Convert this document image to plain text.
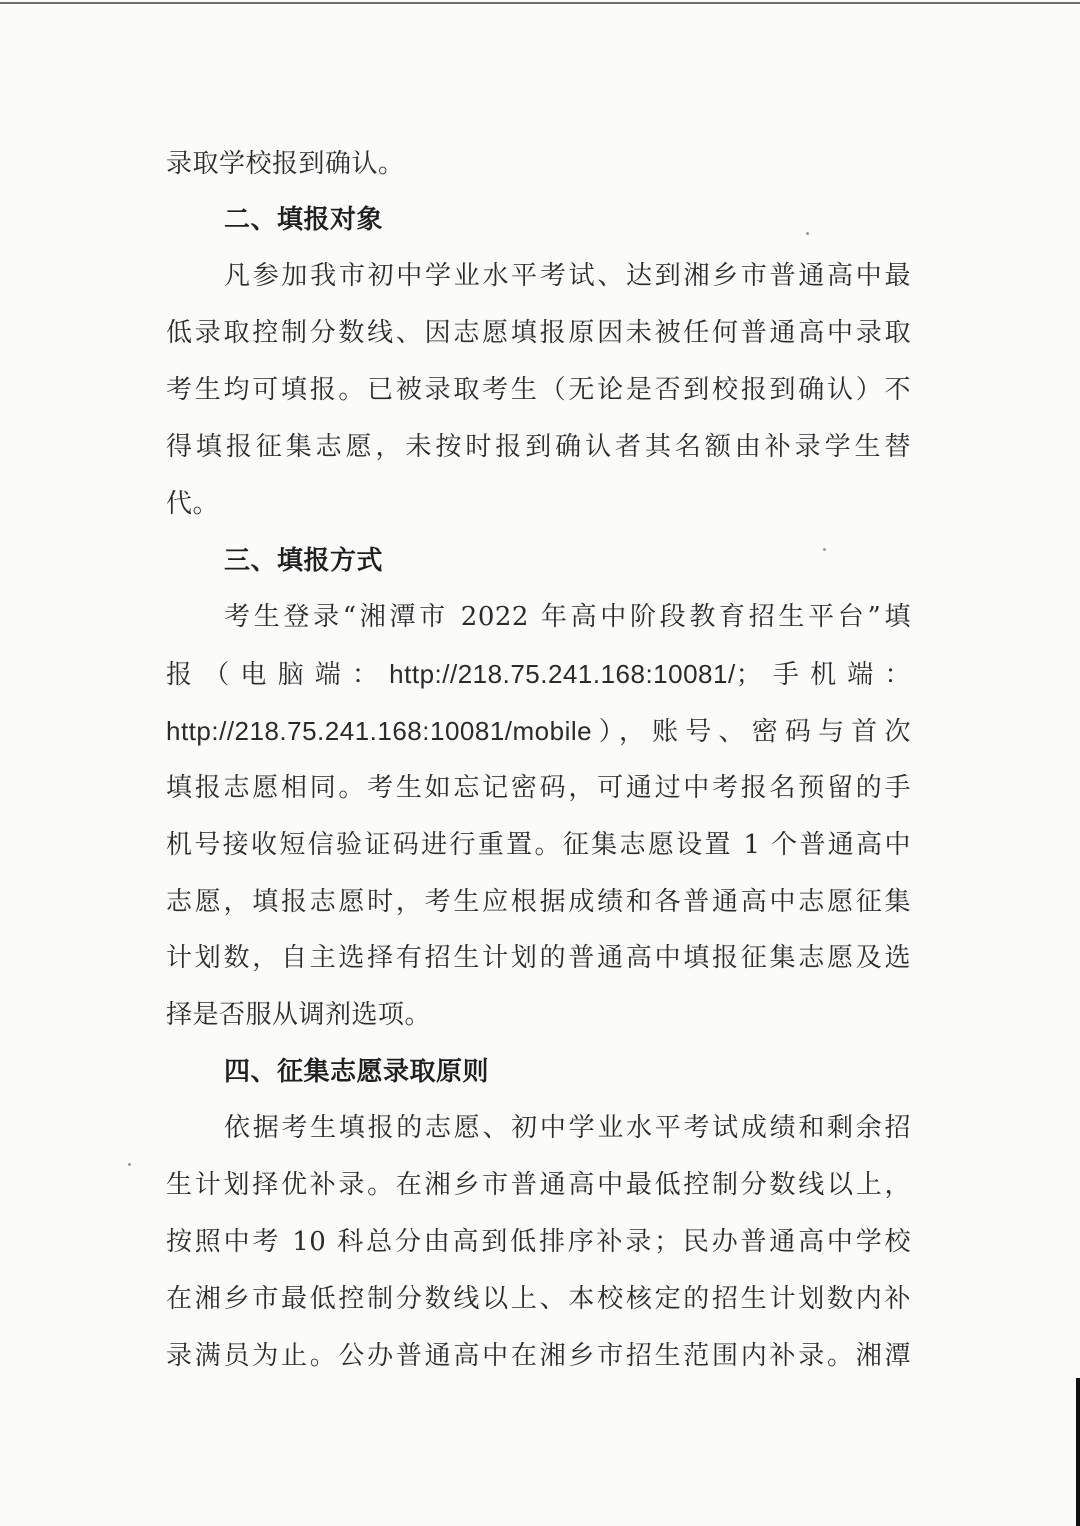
录取学校报到确认。
二、填报对象
凡参加我市初中学业水平考试、达到湘乡市普通高中最
低录取控制分数线、因志愿填报原因未被任何普通高中录取
考生均可填报。已被录取考生（无论是否到校报到确认）不
得填报征集志愿，未按时报到确认者其名额由补录学生替
代。
三、填报方式
考生登录“湘潭市 2022 年高中阶段教育招生平台”填
报（电脑端：http://218.75.241.168:10081/；手机端：
http://218.75.241.168:10081/mobile），账号、密码与首次
填报志愿相同。考生如忘记密码，可通过中考报名预留的手
机号接收短信验证码进行重置。征集志愿设置 1 个普通高中
志愿，填报志愿时，考生应根据成绩和各普通高中志愿征集
计划数，自主选择有招生计划的普通高中填报征集志愿及选
择是否服从调剂选项。
四、征集志愿录取原则
依据考生填报的志愿、初中学业水平考试成绩和剩余招
生计划择优补录。在湘乡市普通高中最低控制分数线以上，
按照中考 10 科总分由高到低排序补录；民办普通高中学校
在湘乡市最低控制分数线以上、本校核定的招生计划数内补
录满员为止。公办普通高中在湘乡市招生范围内补录。湘潭
